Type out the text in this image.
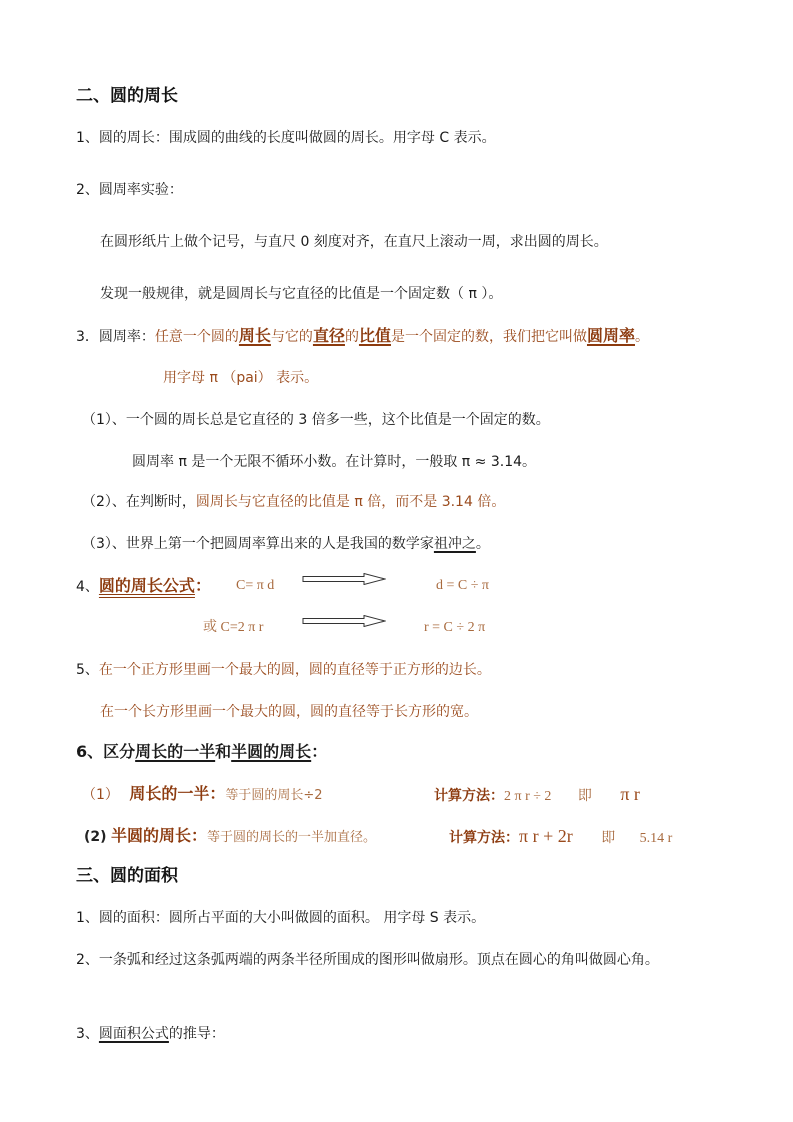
二、圆的周长
1、圆的周长：围成圆的曲线的长度叫做圆的周长。用字母 C 表示。
2、圆周率实验：
在圆形纸片上做个记号，与直尺 0 刻度对齐，在直尺上滚动一周，求出圆的周长。
发现一般规律，就是圆周长与它直径的比值是一个固定数（ π ）。
3．圆周率：任意一个圆的周长与它的直径的比值是一个固定的数，我们把它叫做圆周率。
用字母 π （pai） 表示。
（1）、一个圆的周长总是它直径的 3 倍多一些，这个比值是一个固定的数。
圆周率 π 是一个无限不循环小数。在计算时，一般取 π ≈ 3.14。
（2）、在判断时，圆周长与它直径的比值是 π 倍，而不是 3.14 倍。
（3）、世界上第一个把圆周率算出来的人是我国的数学家祖冲之。
4、圆的周长公式： C= π d	d = C ÷ π
或 C=2 π r	r = C ÷ 2 π
5、在一个正方形里画一个最大的圆，圆的直径等于正方形的边长。
在一个长方形里画一个最大的圆，圆的直径等于长方形的宽。
6、区分周长的一半和半圆的周长：
（1） 周长的一半：等于圆的周长÷2	计算方法：2 π r ÷ 2 即 π r
(2) 半圆的周长：等于圆的周长的一半加直径。	计算方法：π r + 2r 即 5.14 r
三、圆的面积
1、圆的面积：圆所占平面的大小叫做圆的面积。 用字母 S 表示。
2、一条弧和经过这条弧两端的两条半径所围成的图形叫做扇形。顶点在圆心的角叫做圆心角。
3、圆面积公式的推导：
